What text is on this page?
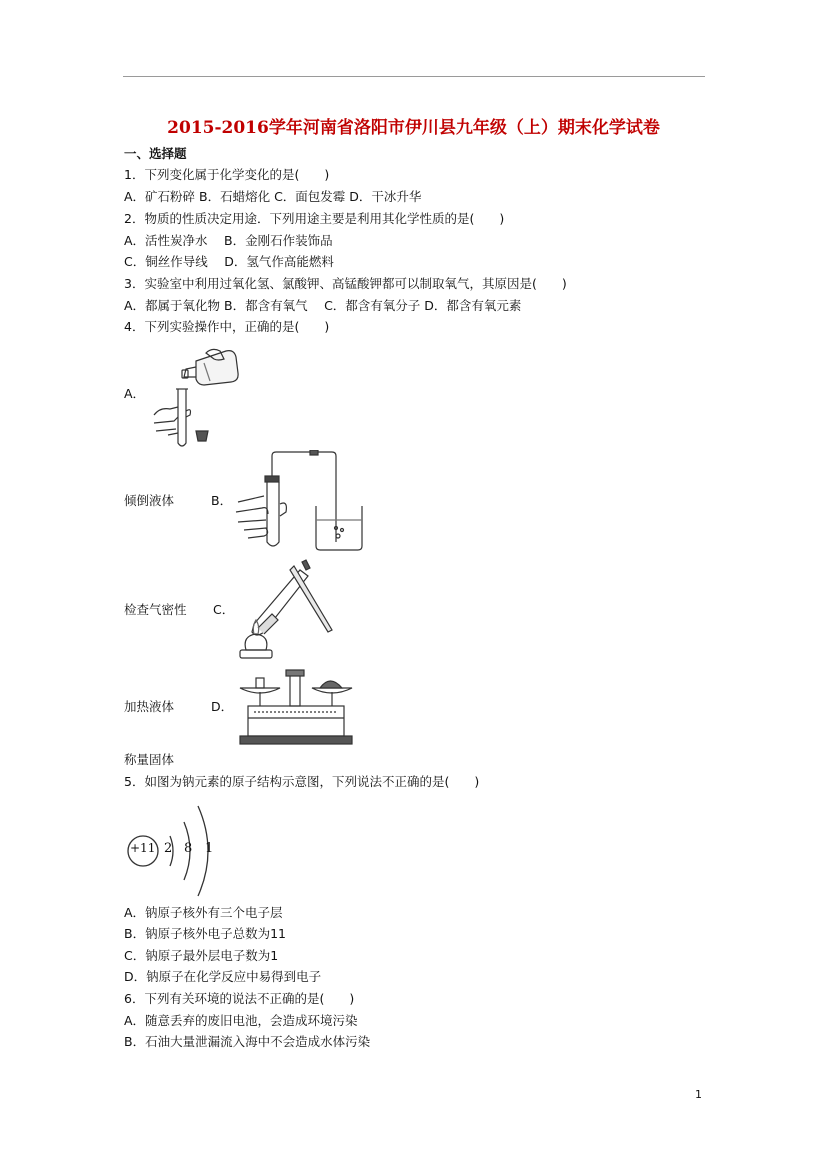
2015-2016学年河南省洛阳市伊川县九年级（上）期末化学试卷
一、选择题
1．下列变化属于化学变化的是(　　)
A．矿石粉碎 B．石蜡熔化 C．面包发霉 D．干冰升华
2．物质的性质决定用途．下列用途主要是利用其化学性质的是(　　)
A．活性炭净水　 B．金刚石作装饰品
C．铜丝作导线　 D．氢气作高能燃料
3．实验室中利用过氧化氢、氯酸钾、高锰酸钾都可以制取氧气，其原因是(　　)
A．都属于氧化物 B．都含有氧气　 C．都含有氧分子 D．都含有氧元素
4．下列实验操作中，正确的是(　　)
A．
倾倒液体	B．
检查气密性 C．
加热液体	D．
称量固体
5．如图为钠元素的原子结构示意图，下列说法不正确的是(　　)
+11 2 8 1
A．钠原子核外有三个电子层
B．钠原子核外电子总数为11
C．钠原子最外层电子数为1
D．钠原子在化学反应中易得到电子
6．下列有关环境的说法不正确的是(　　)
A．随意丢弃的废旧电池，会造成环境污染
B．石油大量泄漏流入海中不会造成水体污染
1
